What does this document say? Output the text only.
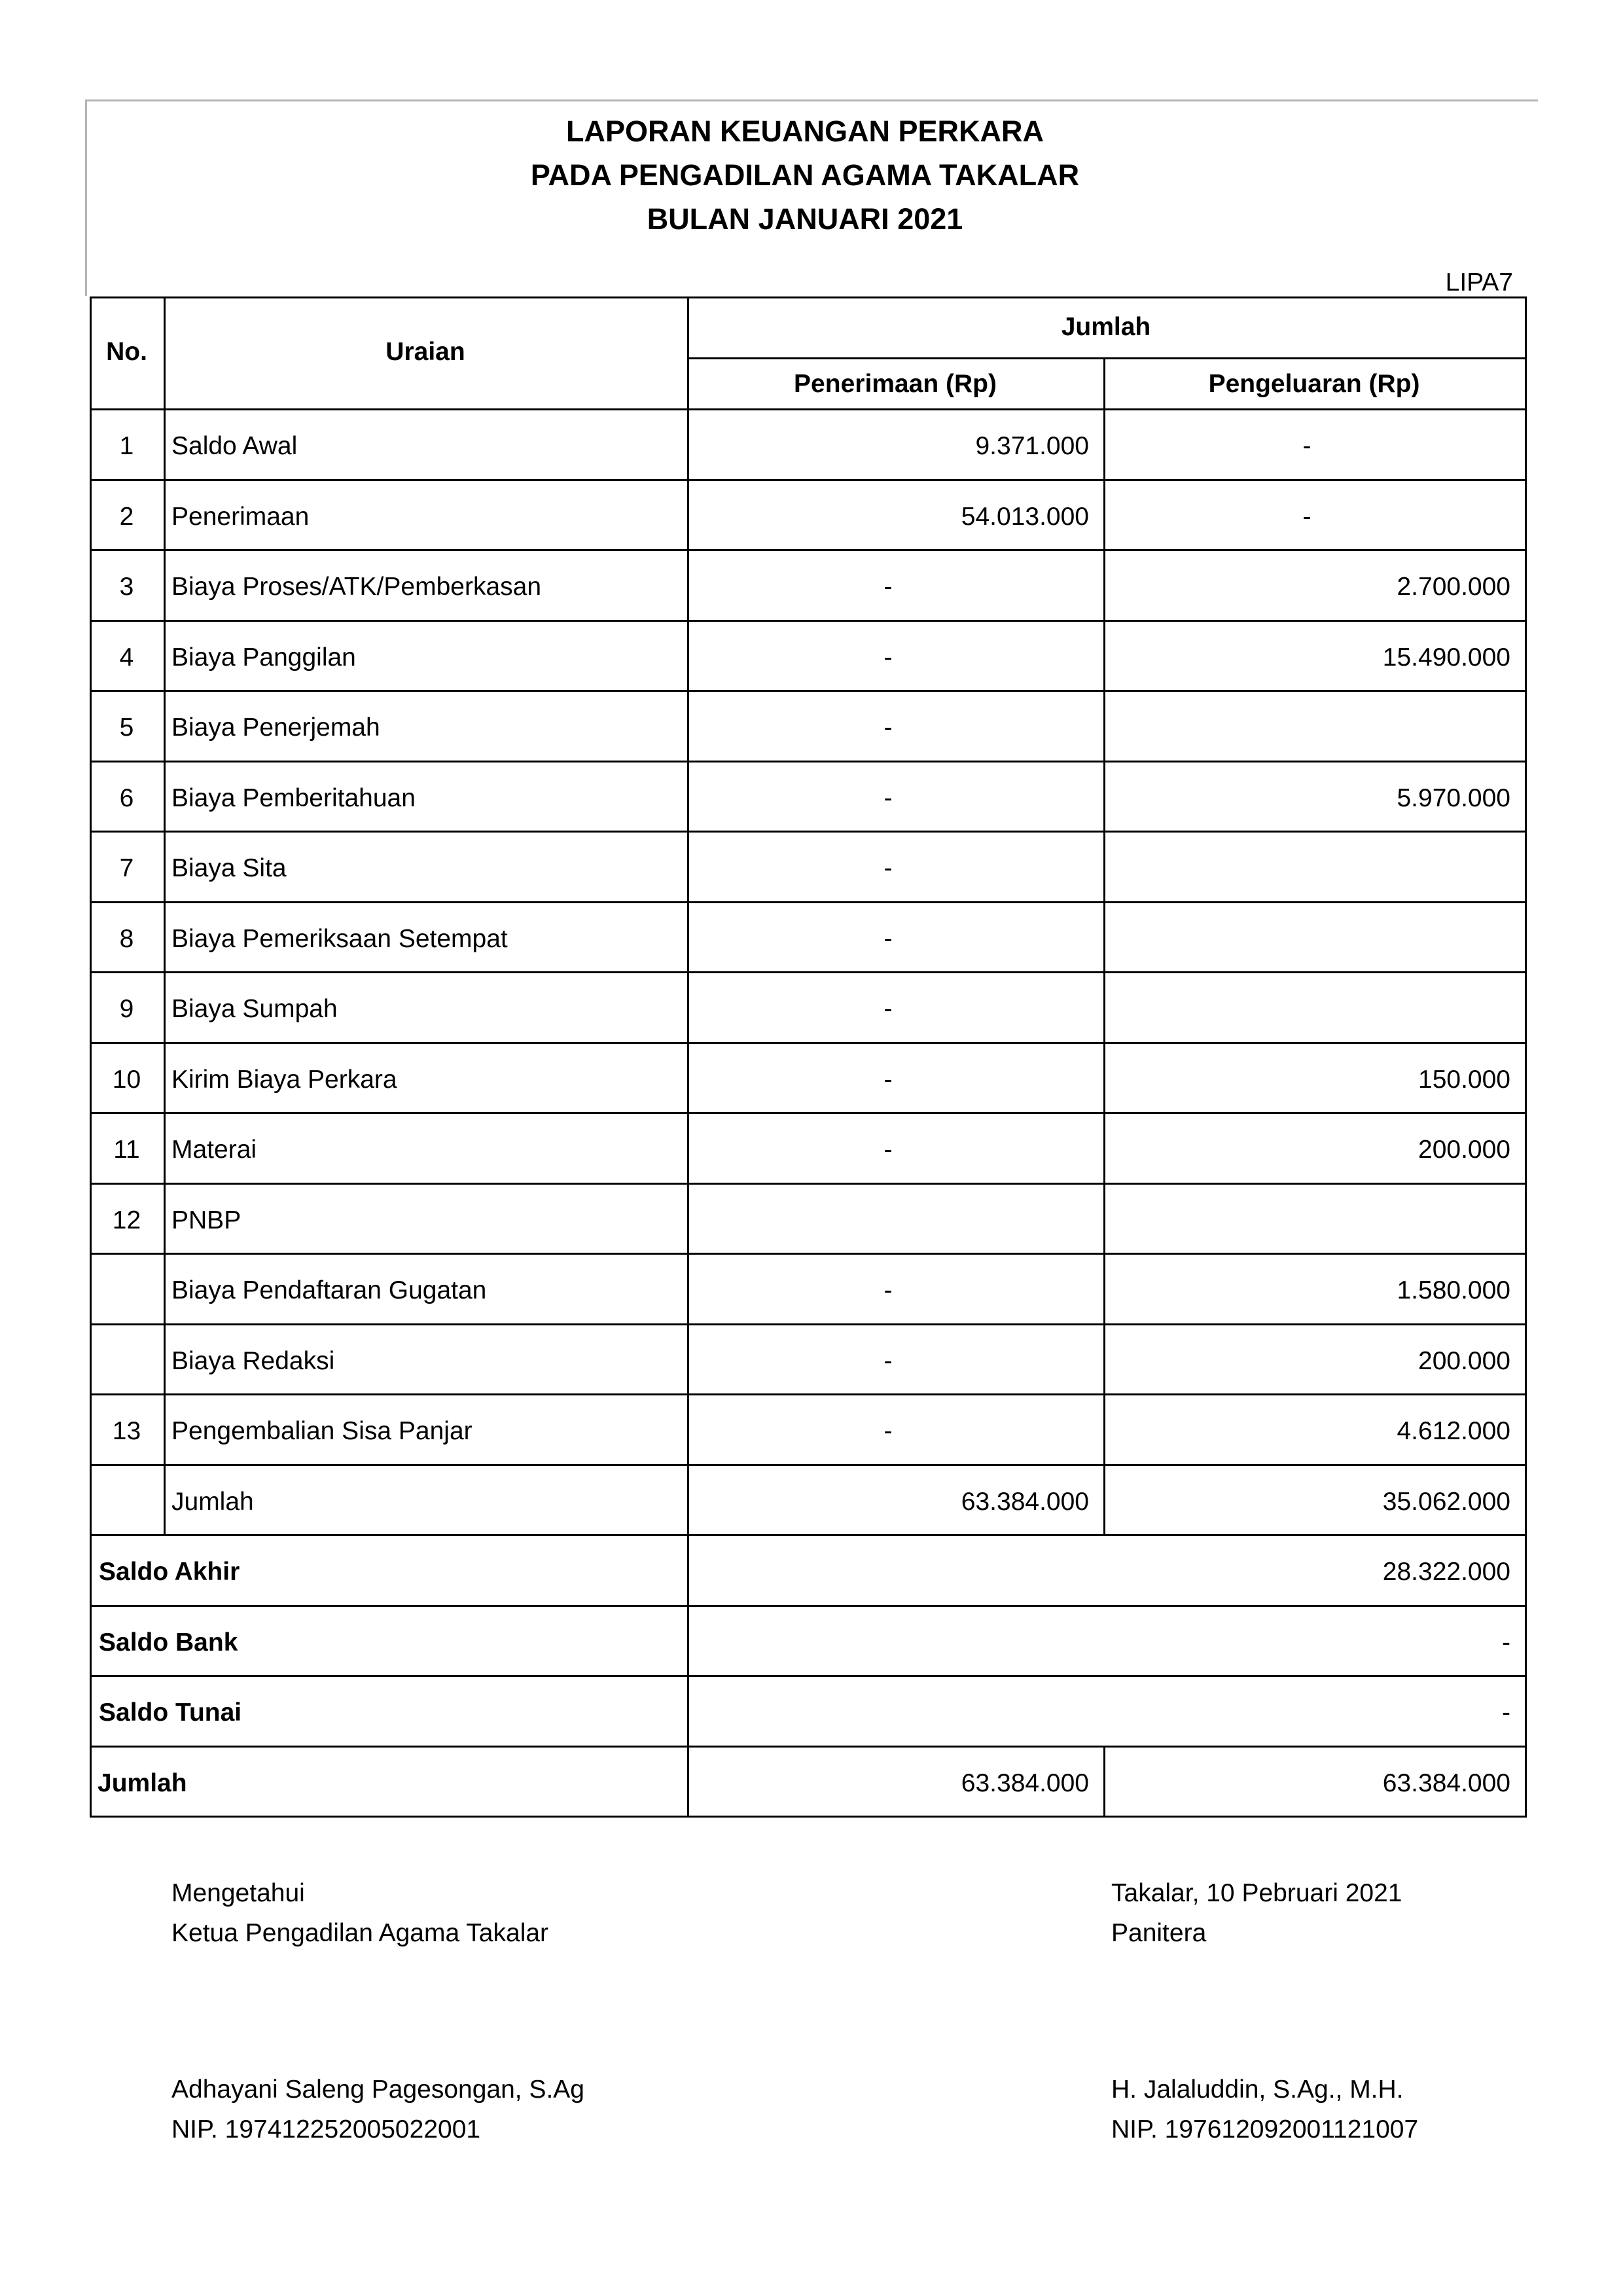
LAPORAN KEUANGAN PERKARA
PADA PENGADILAN AGAMA TAKALAR
BULAN JANUARI 2021
LIPA7
No.	Uraian
Jumlah
Penerimaan (Rp)	Pengeluaran (Rp)
1	Saldo Awal	9.371.000	-
2	Penerimaan	54.013.000	-
3	Biaya Proses/ATK/Pemberkasan	-	2.700.000
4	Biaya Panggilan	-	15.490.000
5	Biaya Penerjemah	-
6	Biaya Pemberitahuan	-	5.970.000
7	Biaya Sita	-
8	Biaya Pemeriksaan Setempat	-
9	Biaya Sumpah	-
10	Kirim Biaya Perkara	-	150.000
11	Materai	-	200.000
12	PNBP
Biaya Pendaftaran Gugatan	-	1.580.000
Biaya Redaksi	-	200.000
13	Pengembalian Sisa Panjar	-	4.612.000
Jumlah	63.384.000	35.062.000
Saldo Akhir	28.322.000
Saldo Bank	-
Saldo Tunai	-
Jumlah	63.384.000	63.384.000
Mengetahui
Ketua Pengadilan Agama Takalar
Adhayani Saleng Pagesongan, S.Ag
NIP. 197412252005022001
Takalar, 10 Pebruari 2021
Panitera
H. Jalaluddin, S.Ag., M.H.
NIP. 197612092001121007
